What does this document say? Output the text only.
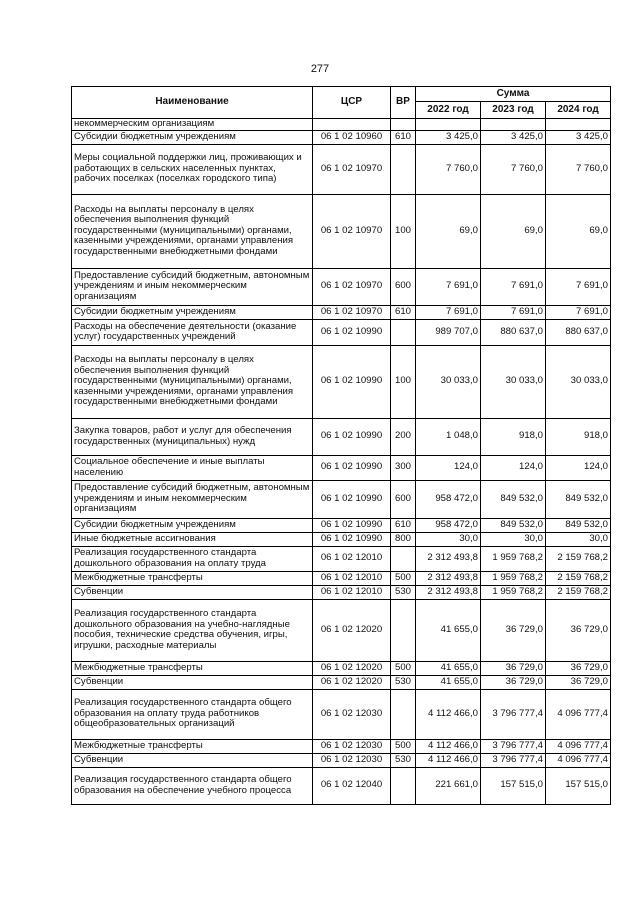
277
Наименование	ЦСР	ВР	Сумма		
			2022 год	2023 год	2024 год
некоммерческим организациям					
Субсидии бюджетным учреждениям	06 1 02 10960	610	3 425,0	3 425,0	3 425,0
Меры социальной поддержки лиц, проживающих и работающих в сельских населенных пунктах, рабочих поселках (поселках городского типа)	06 1 02 10970		7 760,0	7 760,0	7 760,0
Расходы на выплаты персоналу в целях обеспечения выполнения функций государственными (муниципальными) органами, казенными учреждениями, органами управления государственными внебюджетными фондами	06 1 02 10970	100	69,0	69,0	69,0
Предоставление субсидий бюджетным, автономным учреждениям и иным некоммерческим организациям	06 1 02 10970	600	7 691,0	7 691,0	7 691,0
Субсидии бюджетным учреждениям	06 1 02 10970	610	7 691,0	7 691,0	7 691,0
Расходы на обеспечение деятельности (оказание услуг) государственных учреждений	06 1 02 10990		989 707,0	880 637,0	880 637,0
Расходы на выплаты персоналу в целях обеспечения выполнения функций государственными (муниципальными) органами, казенными учреждениями, органами управления государственными внебюджетными фондами	06 1 02 10990	100	30 033,0	30 033,0	30 033,0
Закупка товаров, работ и услуг для обеспечения государственных (муниципальных) нужд	06 1 02 10990	200	1 048,0	918,0	918,0
Социальное обеспечение и иные выплаты населению	06 1 02 10990	300	124,0	124,0	124,0
Предоставление субсидий бюджетным, автономным учреждениям и иным некоммерческим организациям	06 1 02 10990	600	958 472,0	849 532,0	849 532,0
Субсидии бюджетным учреждениям	06 1 02 10990	610	958 472,0	849 532,0	849 532,0
Иные бюджетные ассигнования	06 1 02 10990	800	30,0	30,0	30,0
Реализация государственного стандарта дошкольного образования на оплату труда	06 1 02 12010		2 312 493,8	1 959 768,2	2 159 768,2
Межбюджетные трансферты	06 1 02 12010	500	2 312 493,8	1 959 768,2	2 159 768,2
Субвенции	06 1 02 12010	530	2 312 493,8	1 959 768,2	2 159 768,2
Реализация государственного стандарта дошкольного образования на учебно-наглядные пособия, технические средства обучения, игры, игрушки, расходные материалы	06 1 02 12020		41 655,0	36 729,0	36 729,0
Межбюджетные трансферты	06 1 02 12020	500	41 655,0	36 729,0	36 729,0
Субвенции	06 1 02 12020	530	41 655,0	36 729,0	36 729,0
Реализация государственного стандарта общего образования на оплату труда работников общеобразовательных организаций	06 1 02 12030		4 112 466,0	3 796 777,4	4 096 777,4
Межбюджетные трансферты	06 1 02 12030	500	4 112 466,0	3 796 777,4	4 096 777,4
Субвенции	06 1 02 12030	530	4 112 466,0	3 796 777,4	4 096 777,4
Реализация государственного стандарта общего образования на обеспечение учебного процесса	06 1 02 12040		221 661,0	157 515,0	157 515,0
